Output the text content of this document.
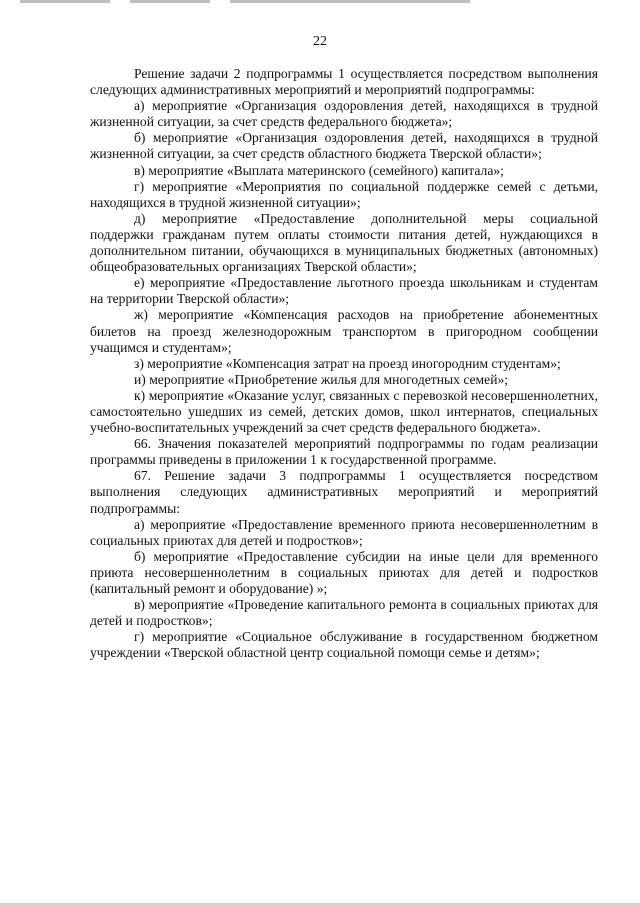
22

Решение задачи 2 подпрограммы 1 осуществляется посредством выполнения следующих административных мероприятий и мероприятий подпрограммы:

а) мероприятие «Организация оздоровления детей, находящихся в трудной жизненной ситуации, за счет средств федерального бюджета»;

б) мероприятие «Организация оздоровления детей, находящихся в трудной жизненной ситуации, за счет средств областного бюджета Тверской области»;

в) мероприятие «Выплата материнского (семейного) капитала»;

г) мероприятие «Мероприятия по социальной поддержке семей с детьми, находящихся в трудной жизненной ситуации»;

д) мероприятие «Предоставление дополнительной меры социальной поддержки гражданам путем оплаты стоимости питания детей, нуждающихся в дополнительном питании, обучающихся в муниципальных бюджетных (автономных) общеобразовательных организациях Тверской области»;

е) мероприятие «Предоставление льготного проезда школьникам и студентам на территории Тверской области»;

ж) мероприятие «Компенсация расходов на приобретение абонементных билетов на проезд железнодорожным транспортом в пригородном сообщении учащимся и студентам»;

з) мероприятие «Компенсация затрат на проезд иногородним студентам»;

и) мероприятие «Приобретение жилья для многодетных семей»;

к) мероприятие «Оказание услуг, связанных с перевозкой несовершеннолетних, самостоятельно ушедших из семей, детских домов, школ интернатов, специальных учебно-воспитательных учреждений за счет средств федерального бюджета».

66. Значения показателей мероприятий подпрограммы по годам реализации программы приведены в приложении 1 к государственной программе.

67. Решение задачи 3 подпрограммы 1 осуществляется посредством выполнения следующих административных мероприятий и мероприятий подпрограммы:

а) мероприятие «Предоставление временного приюта несовершеннолетним в социальных приютах для детей и подростков»;

б) мероприятие «Предоставление субсидии на иные цели для временного приюта несовершеннолетним в социальных приютах для детей и подростков (капитальный ремонт и оборудование) »;

в) мероприятие «Проведение капитального ремонта в социальных приютах для детей и подростков»;

г) мероприятие «Социальное обслуживание в государственном бюджетном учреждении «Тверской областной центр социальной помощи семье и детям»;
